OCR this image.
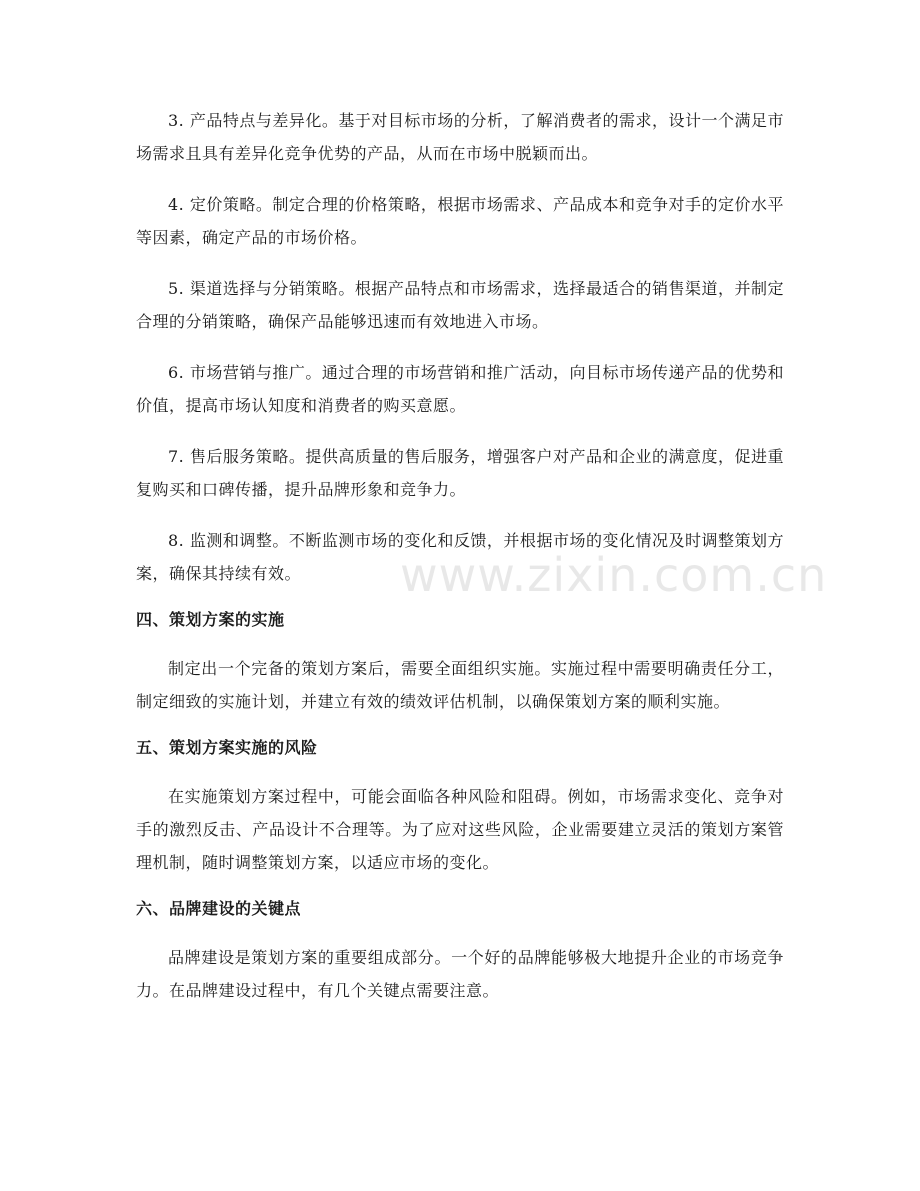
3. 产品特点与差异化。基于对目标市场的分析，了解消费者的需求，设计一个满足市场需求且具有差异化竞争优势的产品，从而在市场中脱颖而出。

4. 定价策略。制定合理的价格策略，根据市场需求、产品成本和竞争对手的定价水平等因素，确定产品的市场价格。

5. 渠道选择与分销策略。根据产品特点和市场需求，选择最适合的销售渠道，并制定合理的分销策略，确保产品能够迅速而有效地进入市场。

6. 市场营销与推广。通过合理的市场营销和推广活动，向目标市场传递产品的优势和价值，提高市场认知度和消费者的购买意愿。

7. 售后服务策略。提供高质量的售后服务，增强客户对产品和企业的满意度，促进重复购买和口碑传播，提升品牌形象和竞争力。

8. 监测和调整。不断监测市场的变化和反馈，并根据市场的变化情况及时调整策划方案，确保其持续有效。

四、策划方案的实施

制定出一个完备的策划方案后，需要全面组织实施。实施过程中需要明确责任分工，制定细致的实施计划，并建立有效的绩效评估机制，以确保策划方案的顺利实施。

五、策划方案实施的风险

在实施策划方案过程中，可能会面临各种风险和阻碍。例如，市场需求变化、竞争对手的激烈反击、产品设计不合理等。为了应对这些风险，企业需要建立灵活的策划方案管理机制，随时调整策划方案，以适应市场的变化。

六、品牌建设的关键点

品牌建设是策划方案的重要组成部分。一个好的品牌能够极大地提升企业的市场竞争力。在品牌建设过程中，有几个关键点需要注意。

www.zixin.com.cn
